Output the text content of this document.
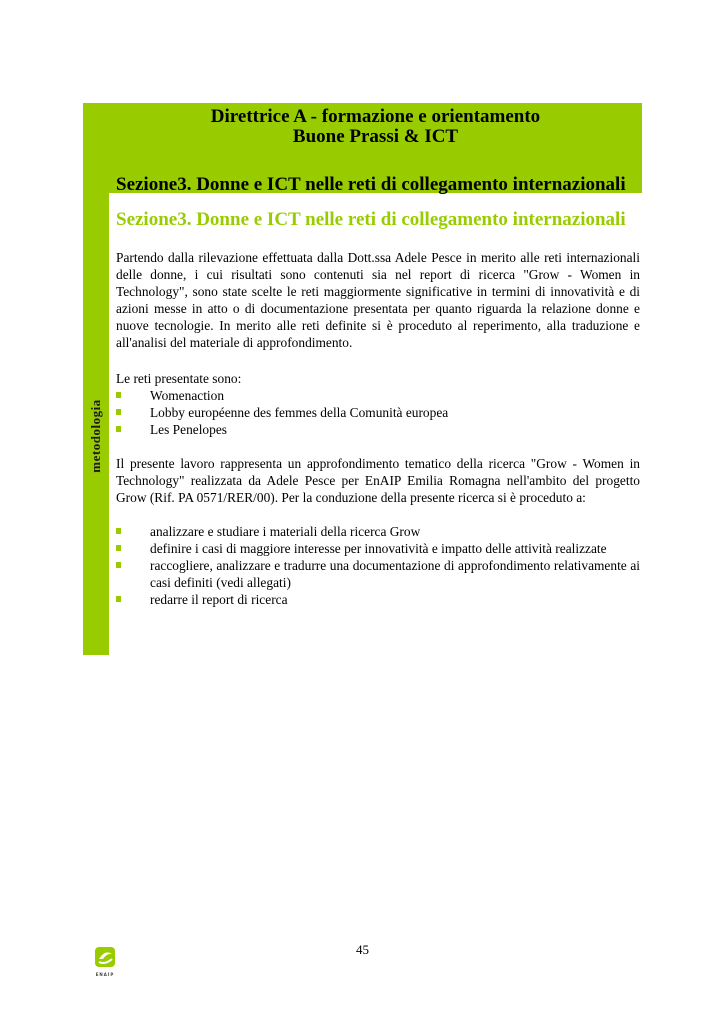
metodologia
Direttrice A - formazione e orientamento
Buone Prassi & ICT
Sezione3. Donne e ICT nelle reti di collegamento internazionali
Sezione3. Donne e ICT nelle reti di collegamento internazionali

Partendo dalla rilevazione effettuata dalla Dott.ssa Adele Pesce in merito alle reti internazionali delle donne, i cui risultati sono contenuti sia nel report di ricerca "Grow - Women in Technology", sono state scelte le reti maggiormente significative in termini di innovatività e di azioni messe in atto o di documentazione presentata per quanto riguarda la relazione donne e nuove tecnologie. In merito alle reti definite si è proceduto al reperimento, alla traduzione e all'analisi del materiale di approfondimento.

Le reti presentate sono:

Womenaction
Lobby européenne des femmes della Comunità europea
Les Penelopes

Il presente lavoro rappresenta un approfondimento tematico della ricerca "Grow - Women in Technology" realizzata da Adele Pesce per EnAIP Emilia Romagna nell'ambito del progetto Grow (Rif. PA 0571/RER/00). Per la conduzione della presente ricerca si è proceduto a:

analizzare e studiare i materiali della ricerca Grow
definire i casi di maggiore interesse per innovatività e impatto delle attività realizzate
raccogliere, analizzare e tradurre una documentazione di approfondimento relativamente ai casi definiti (vedi allegati)
redarre il report di ricerca
45
ENAIP
